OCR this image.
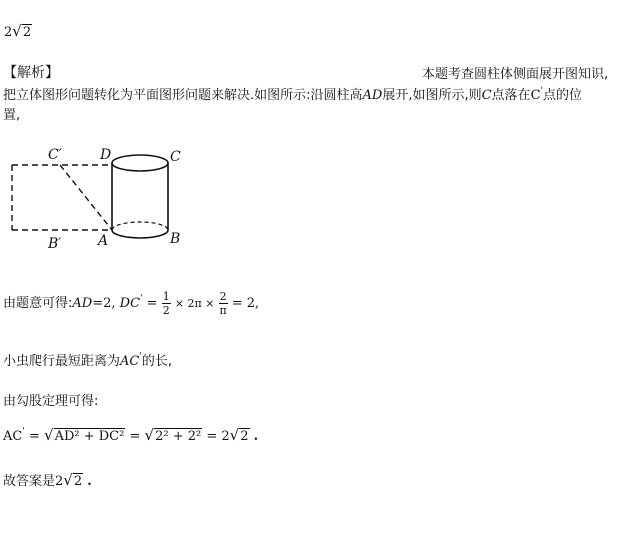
2√2
【解析】	本题考查圆柱体侧面展开图知识,
把立体图形问题转化为平面图形问题来解决.如图所示:沿圆柱高AD展开,如图所示,则C点落在C'点的位
置,
C′	D	C
B′	A	B
由题意可得:AD=2, $DC' = \frac{1}{2} \times 2\pi \times \frac{2}{\pi} = 2$,
小虫爬行最短距离为AC'的长,
由勾股定理可得:
AC' = √AD² + DC² = √2² + 2² = 2√2 .
故答案是2√2 .
